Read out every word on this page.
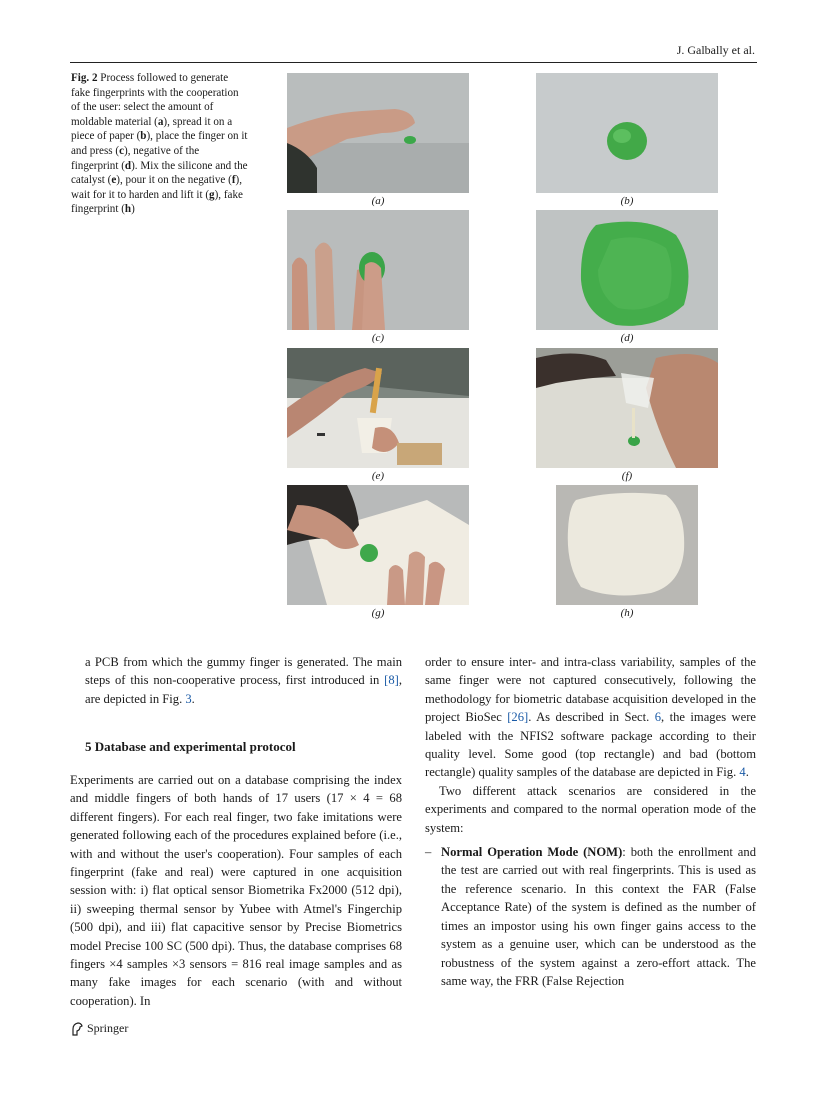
J. Galbally et al.
Fig. 2 Process followed to generate fake fingerprints with the cooperation of the user: select the amount of moldable material (a), spread it on a piece of paper (b), place the finger on it and press (c), negative of the fingerprint (d). Mix the silicone and the catalyst (e), pour it on the negative (f), wait for it to harden and lift it (g), fake fingerprint (h)
(a)	(b)
(c)	(d)
(e)	(f)
(g)	(h)
a PCB from which the gummy finger is generated. The main steps of this non-cooperative process, first introduced in [8], are depicted in Fig. 3.
5 Database and experimental protocol
Experiments are carried out on a database comprising the index and middle fingers of both hands of 17 users (17 × 4 = 68 different fingers). For each real finger, two fake imitations were generated following each of the procedures explained before (i.e., with and without the user's cooperation). Four samples of each fingerprint (fake and real) were captured in one acquisition session with: i) flat optical sensor Biometrika Fx2000 (512 dpi), ii) sweeping thermal sensor by Yubee with Atmel's Fingerchip (500 dpi), and iii) flat capacitive sensor by Precise Biometrics model Precise 100 SC (500 dpi). Thus, the database comprises 68 fingers ×4 samples ×3 sensors = 816 real image samples and as many fake images for each scenario (with and without cooperation). In

order to ensure inter- and intra-class variability, samples of the same finger were not captured consecutively, following the methodology for biometric database acquisition developed in the project BioSec [26]. As described in Sect. 6, the images were labeled with the NFIS2 software package according to their quality level. Some good (top rectangle) and bad (bottom rectangle) quality samples of the database are depicted in Fig. 4.

Two different attack scenarios are considered in the experiments and compared to the normal operation mode of the system:

– Normal Operation Mode (NOM): both the enrollment and the test are carried out with real fingerprints. This is used as the reference scenario. In this context the FAR (False Acceptance Rate) of the system is defined as the number of times an impostor using his own finger gains access to the system as a genuine user, which can be understood as the robustness of the system against a zero-effort attack. The same way, the FRR (False Rejection
Springer
